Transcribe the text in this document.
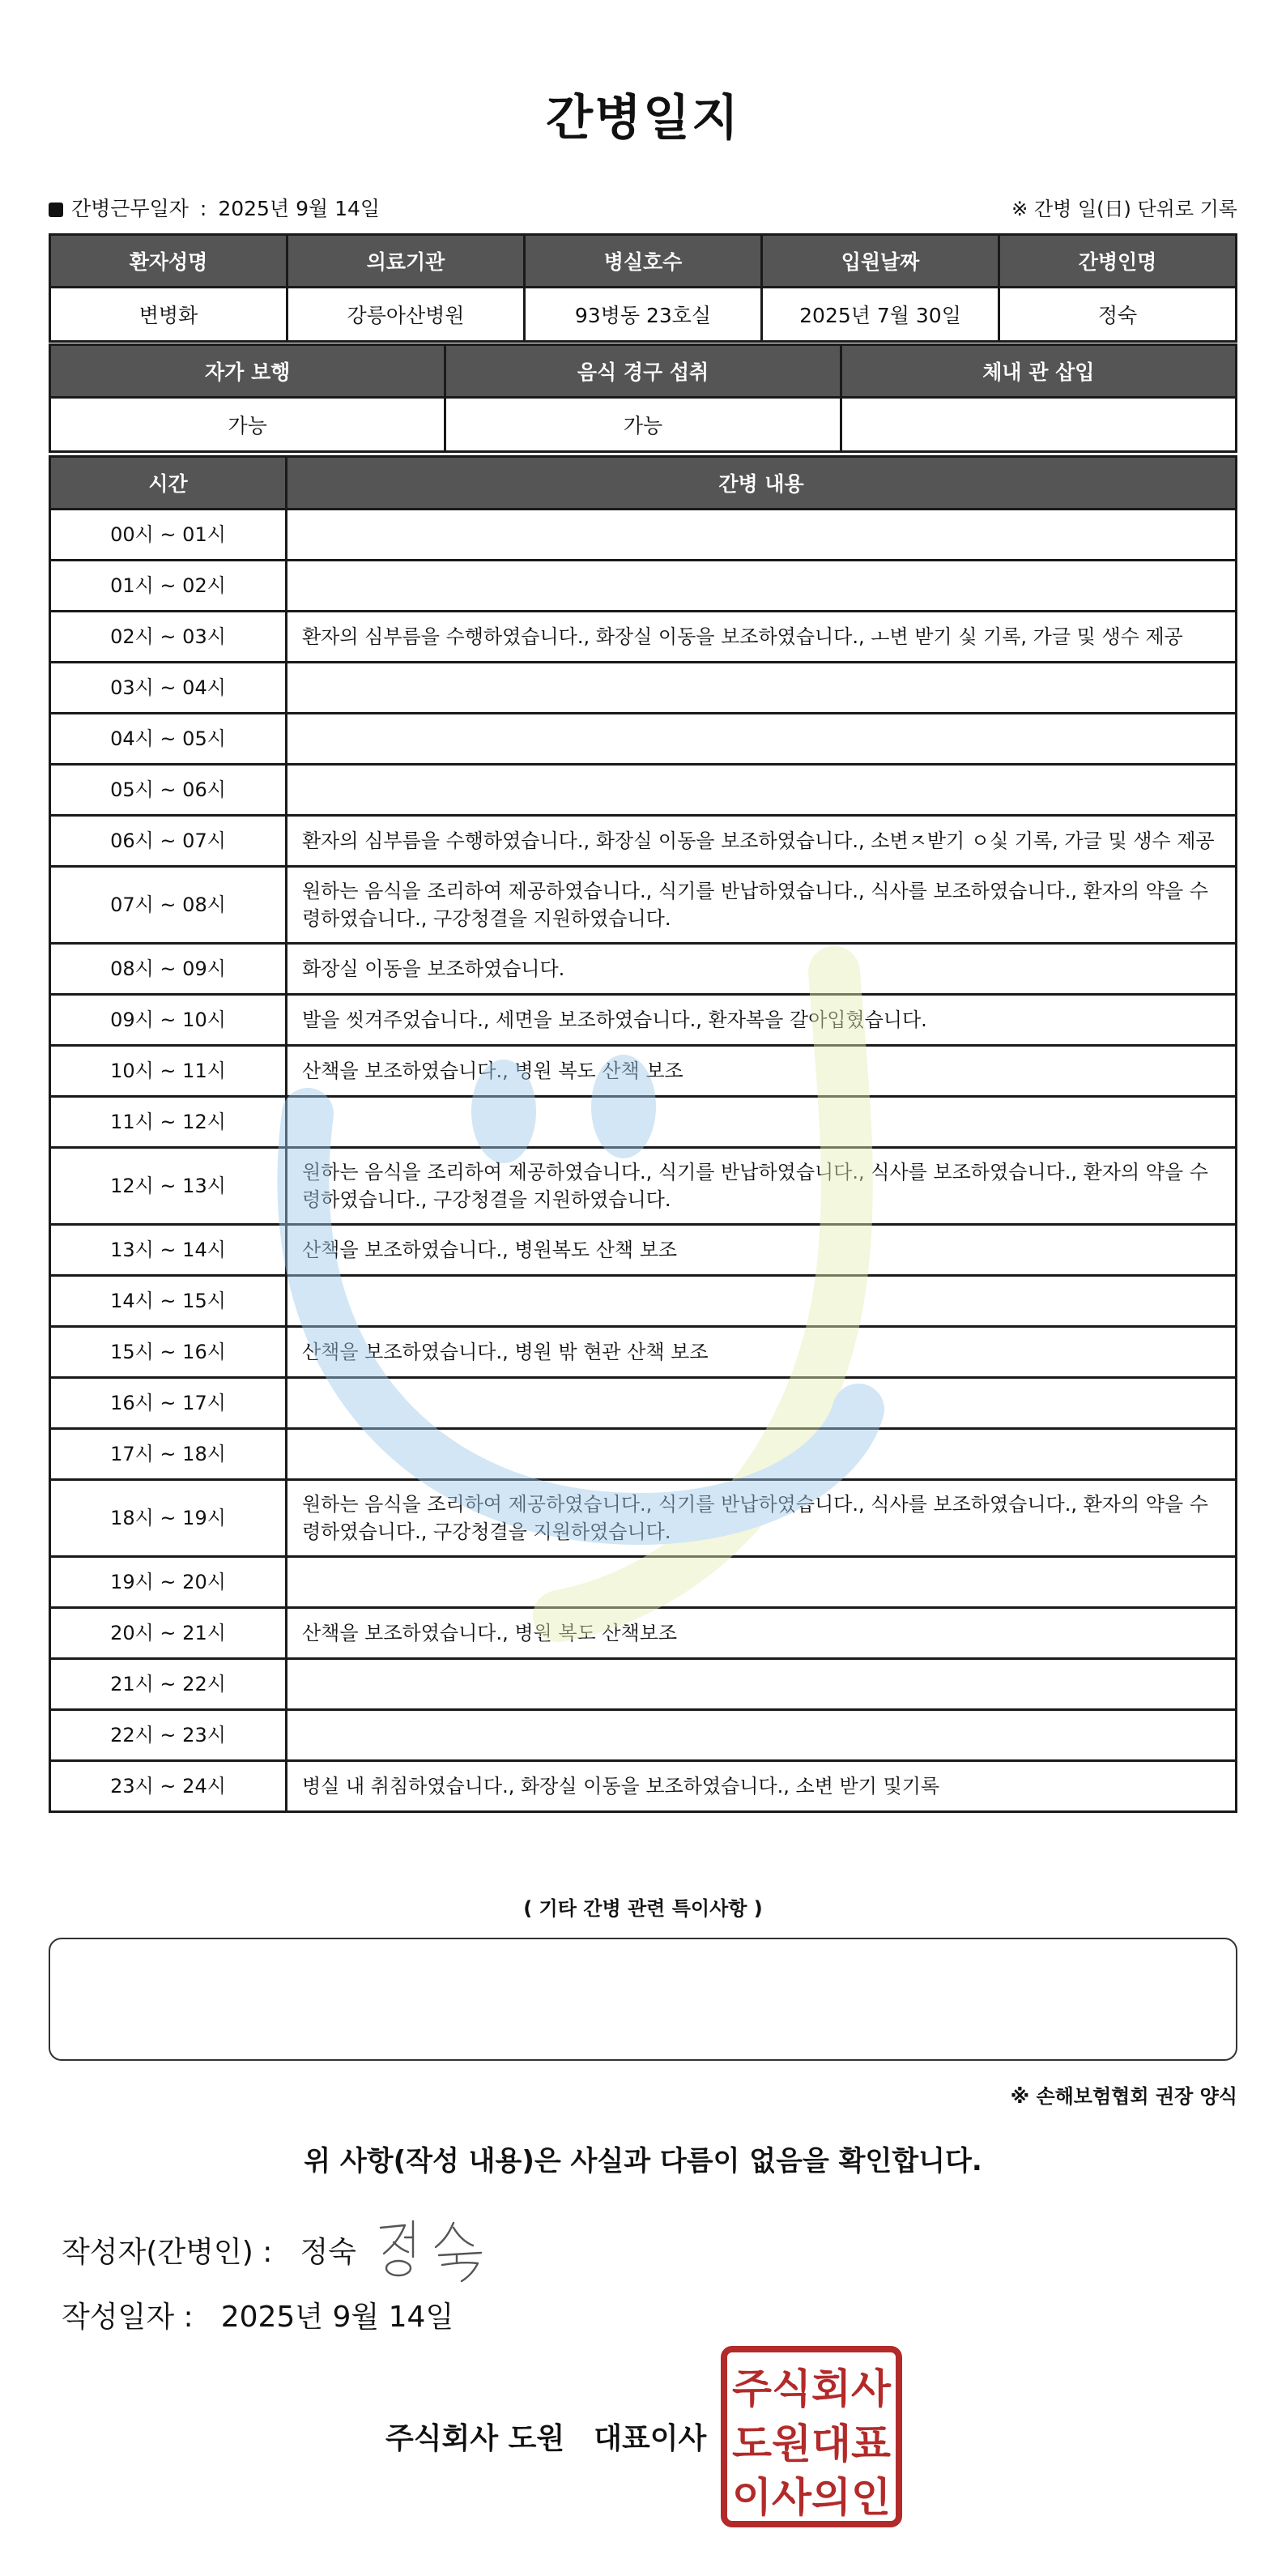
간병일지
간병근무일자 : 2025년 9월 14일	※ 간병 일(日) 단위로 기록
환자성명	의료기관	병실호수	입원날짜	간병인명
변병화	강릉아산병원	93병동 23호실	2025년 7월 30일	정숙
자가 보행	음식 경구 섭취	체내 관 삽입
가능	가능	
시간	간병 내용
00시 ~ 01시	
01시 ~ 02시	
02시 ~ 03시	환자의 심부름을 수행하였습니다., 화장실 이동을 보조하였습니다., ㅗ변 받기 싳 기록, 가글 및 생수 제공
03시 ~ 04시	
04시 ~ 05시	
05시 ~ 06시	
06시 ~ 07시	환자의 심부름을 수행하였습니다., 화장실 이동을 보조하였습니다., 소변ㅈ받기 ㅇ싳 기록, 가글 및 생수 제공
07시 ~ 08시	원하는 음식을 조리하여 제공하였습니다., 식기를 반납하였습니다., 식사를 보조하였습니다., 환자의 약을 수령하였습니다., 구강청결을 지원하였습니다.
08시 ~ 09시	화장실 이동을 보조하였습니다.
09시 ~ 10시	발을 씻겨주었습니다., 세면을 보조하였습니다., 환자복을 갈아입혔습니다.
10시 ~ 11시	산책을 보조하였습니다., 병원 복도 산책 보조
11시 ~ 12시	
12시 ~ 13시	원하는 음식을 조리하여 제공하였습니다., 식기를 반납하였습니다., 식사를 보조하였습니다., 환자의 약을 수령하였습니다., 구강청결을 지원하였습니다.
13시 ~ 14시	산책을 보조하였습니다., 병원복도 산책 보조
14시 ~ 15시	
15시 ~ 16시	산책을 보조하였습니다., 병원 밖 현관 산책 보조
16시 ~ 17시	
17시 ~ 18시	
18시 ~ 19시	원하는 음식을 조리하여 제공하였습니다., 식기를 반납하였습니다., 식사를 보조하였습니다., 환자의 약을 수령하였습니다., 구강청결을 지원하였습니다.
19시 ~ 20시	
20시 ~ 21시	산책을 보조하였습니다., 병원 복도 산책보조
21시 ~ 22시	
22시 ~ 23시	
23시 ~ 24시	병실 내 취침하였습니다., 화장실 이동을 보조하였습니다., 소변 받기 및기록
( 기타 간병 관련 특이사항 )
※ 손해보험협회 권장 양식
위 사항(작성 내용)은 사실과 다름이 없음을 확인합니다.
작성자(간병인) : 정숙
작성일자 : 2025년 9월 14일
주식회사 도원 대표이사
주식회사
도원대표
이사의인
